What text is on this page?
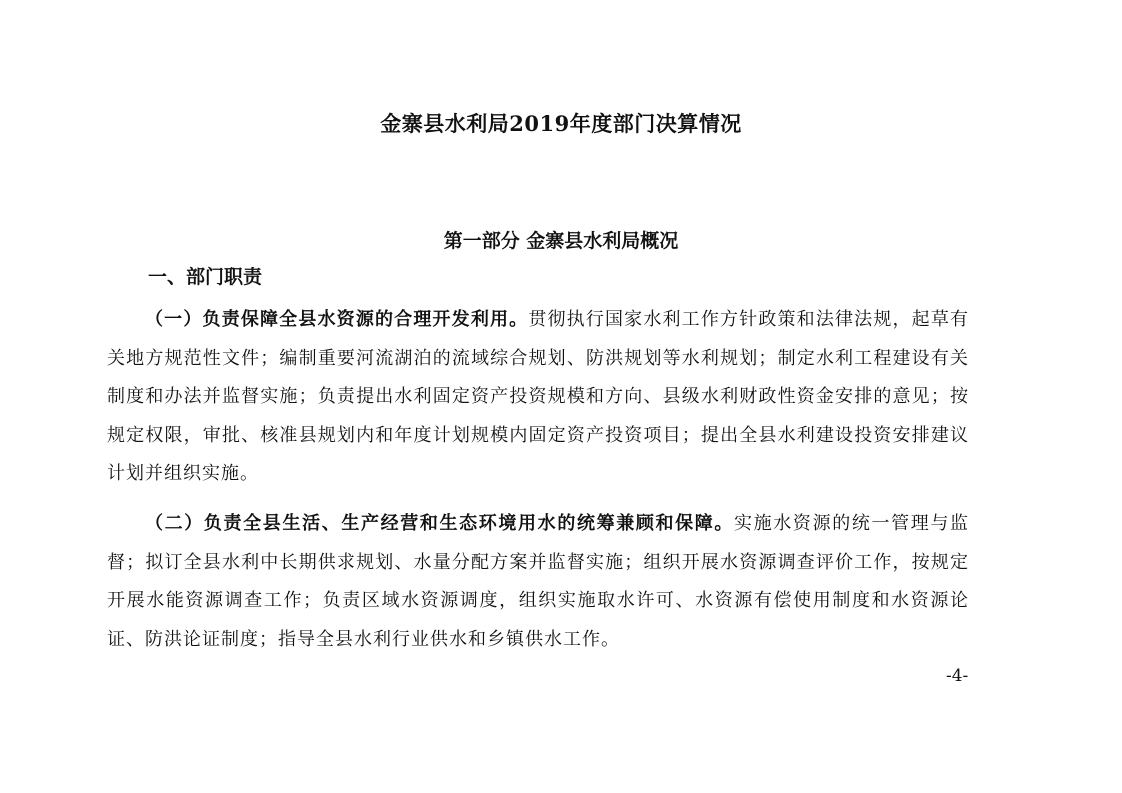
金寨县水利局2019年度部门决算情况
第一部分 金寨县水利局概况
一、部门职责

（一）负责保障全县水资源的合理开发利用。贯彻执行国家水利工作方针政策和法律法规，起草有关地方规范性文件；编制重要河流湖泊的流域综合规划、防洪规划等水利规划；制定水利工程建设有关制度和办法并监督实施；负责提出水利固定资产投资规模和方向、县级水利财政性资金安排的意见；按规定权限，审批、核准县规划内和年度计划规模内固定资产投资项目；提出全县水利建设投资安排建议计划并组织实施。

（二）负责全县生活、生产经营和生态环境用水的统筹兼顾和保障。实施水资源的统一管理与监督；拟订全县水利中长期供求规划、水量分配方案并监督实施；组织开展水资源调查评价工作，按规定开展水能资源调查工作；负责区域水资源调度，组织实施取水许可、水资源有偿使用制度和水资源论证、防洪论证制度；指导全县水利行业供水和乡镇供水工作。

-4-
